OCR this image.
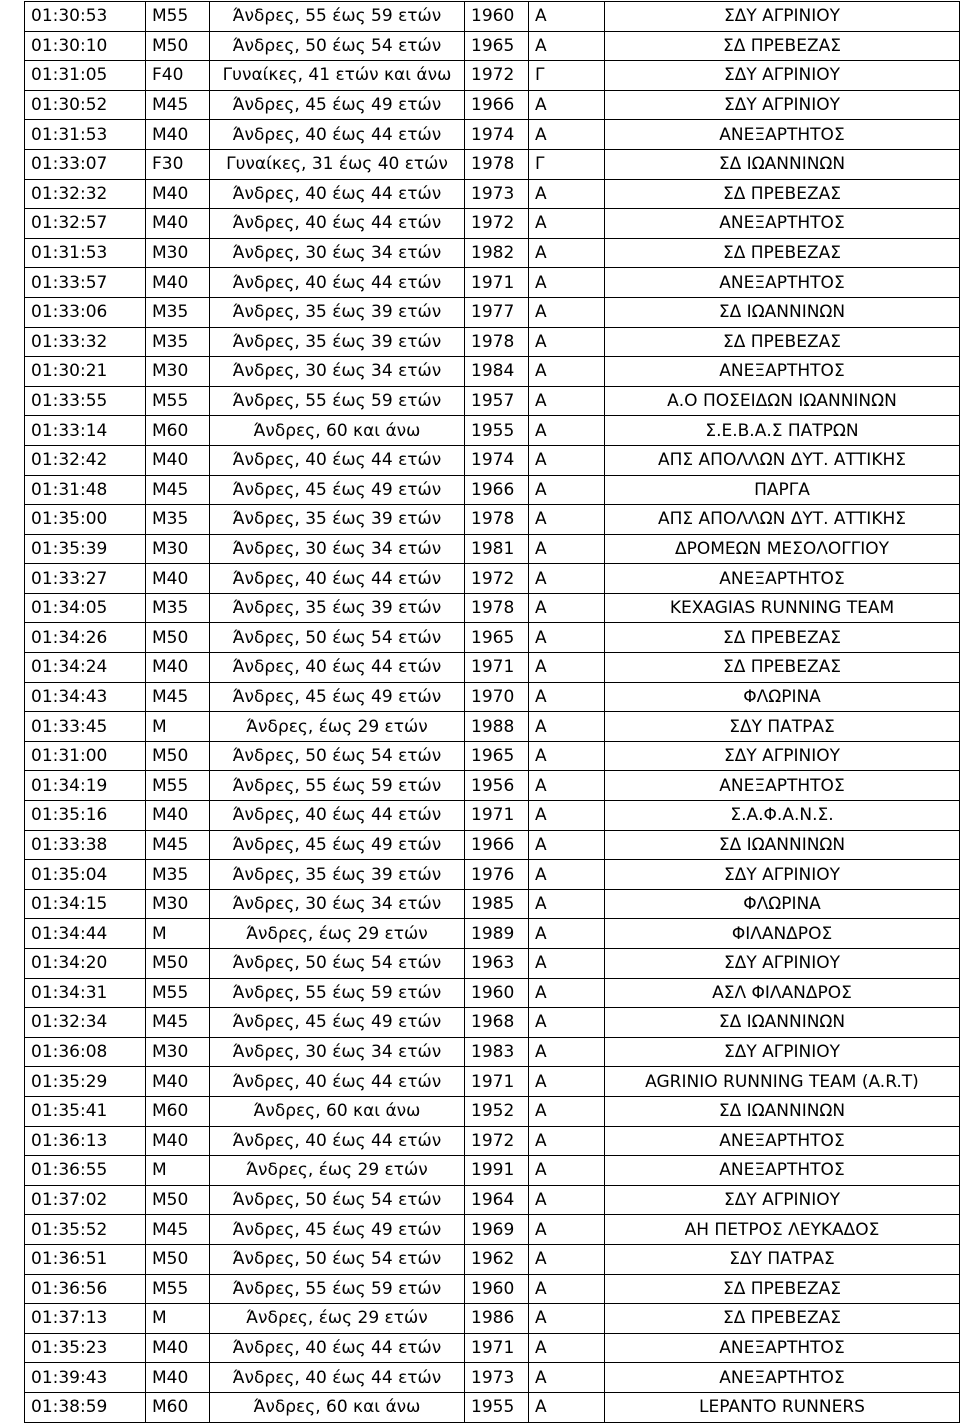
01:30:53	M55	Άνδρες, 55 έως 59 ετών	1960	Α	ΣΔΥ ΑΓΡΙΝΙΟΥ
01:30:10	M50	Άνδρες, 50 έως 54 ετών	1965	Α	ΣΔ ΠΡΕΒΕΖΑΣ
01:31:05	F40	Γυναίκες, 41 ετών και άνω	1972	Γ	ΣΔΥ ΑΓΡΙΝΙΟΥ
01:30:52	M45	Άνδρες, 45 έως 49 ετών	1966	Α	ΣΔΥ ΑΓΡΙΝΙΟΥ
01:31:53	M40	Άνδρες, 40 έως 44 ετών	1974	Α	ΑΝΕΞΑΡΤΗΤΟΣ
01:33:07	F30	Γυναίκες, 31 έως 40 ετών	1978	Γ	ΣΔ ΙΩΑΝΝΙΝΩΝ
01:32:32	M40	Άνδρες, 40 έως 44 ετών	1973	Α	ΣΔ ΠΡΕΒΕΖΑΣ
01:32:57	M40	Άνδρες, 40 έως 44 ετών	1972	Α	ΑΝΕΞΑΡΤΗΤΟΣ
01:31:53	M30	Άνδρες, 30 έως 34 ετών	1982	Α	ΣΔ ΠΡΕΒΕΖΑΣ
01:33:57	M40	Άνδρες, 40 έως 44 ετών	1971	Α	ΑΝΕΞΑΡΤΗΤΟΣ
01:33:06	M35	Άνδρες, 35 έως 39 ετών	1977	Α	ΣΔ ΙΩΑΝΝΙΝΩΝ
01:33:32	M35	Άνδρες, 35 έως 39 ετών	1978	Α	ΣΔ ΠΡΕΒΕΖΑΣ
01:30:21	M30	Άνδρες, 30 έως 34 ετών	1984	Α	ΑΝΕΞΑΡΤΗΤΟΣ
01:33:55	M55	Άνδρες, 55 έως 59 ετών	1957	Α	Α.Ο ΠΟΣΕΙΔΩΝ ΙΩΑΝΝΙΝΩΝ
01:33:14	M60	Άνδρες, 60 και άνω	1955	Α	Σ.Ε.Β.Α.Σ ΠΑΤΡΩΝ
01:32:42	M40	Άνδρες, 40 έως 44 ετών	1974	Α	ΑΠΣ ΑΠΟΛΛΩΝ ΔΥΤ. ΑΤΤΙΚΗΣ
01:31:48	M45	Άνδρες, 45 έως 49 ετών	1966	Α	ΠΑΡΓΑ
01:35:00	M35	Άνδρες, 35 έως 39 ετών	1978	Α	ΑΠΣ ΑΠΟΛΛΩΝ ΔΥΤ. ΑΤΤΙΚΗΣ
01:35:39	M30	Άνδρες, 30 έως 34 ετών	1981	Α	ΔΡΟΜΕΩΝ ΜΕΣΟΛΟΓΓΙΟΥ
01:33:27	M40	Άνδρες, 40 έως 44 ετών	1972	Α	ΑΝΕΞΑΡΤΗΤΟΣ
01:34:05	M35	Άνδρες, 35 έως 39 ετών	1978	Α	KEXAGIAS RUNNING TEAM
01:34:26	M50	Άνδρες, 50 έως 54 ετών	1965	Α	ΣΔ ΠΡΕΒΕΖΑΣ
01:34:24	M40	Άνδρες, 40 έως 44 ετών	1971	Α	ΣΔ ΠΡΕΒΕΖΑΣ
01:34:43	M45	Άνδρες, 45 έως 49 ετών	1970	Α	ΦΛΩΡΙΝΑ
01:33:45	M	Άνδρες, έως 29 ετών	1988	Α	ΣΔΥ ΠΑΤΡΑΣ
01:31:00	M50	Άνδρες, 50 έως 54 ετών	1965	Α	ΣΔΥ ΑΓΡΙΝΙΟΥ
01:34:19	M55	Άνδρες, 55 έως 59 ετών	1956	Α	ΑΝΕΞΑΡΤΗΤΟΣ
01:35:16	M40	Άνδρες, 40 έως 44 ετών	1971	Α	Σ.Α.Φ.Α.Ν.Σ.
01:33:38	M45	Άνδρες, 45 έως 49 ετών	1966	Α	ΣΔ ΙΩΑΝΝΙΝΩΝ
01:35:04	M35	Άνδρες, 35 έως 39 ετών	1976	Α	ΣΔΥ ΑΓΡΙΝΙΟΥ
01:34:15	M30	Άνδρες, 30 έως 34 ετών	1985	Α	ΦΛΩΡΙΝΑ
01:34:44	M	Άνδρες, έως 29 ετών	1989	Α	ΦΙΛΑΝΔΡΟΣ
01:34:20	M50	Άνδρες, 50 έως 54 ετών	1963	Α	ΣΔΥ ΑΓΡΙΝΙΟΥ
01:34:31	M55	Άνδρες, 55 έως 59 ετών	1960	Α	ΑΣΛ ΦΙΛΑΝΔΡΟΣ
01:32:34	M45	Άνδρες, 45 έως 49 ετών	1968	Α	ΣΔ ΙΩΑΝΝΙΝΩΝ
01:36:08	M30	Άνδρες, 30 έως 34 ετών	1983	Α	ΣΔΥ ΑΓΡΙΝΙΟΥ
01:35:29	M40	Άνδρες, 40 έως 44 ετών	1971	Α	AGRINIO RUNNING TEAM (A.R.T)
01:35:41	M60	Άνδρες, 60 και άνω	1952	Α	ΣΔ ΙΩΑΝΝΙΝΩΝ
01:36:13	M40	Άνδρες, 40 έως 44 ετών	1972	Α	ΑΝΕΞΑΡΤΗΤΟΣ
01:36:55	M	Άνδρες, έως 29 ετών	1991	Α	ΑΝΕΞΑΡΤΗΤΟΣ
01:37:02	M50	Άνδρες, 50 έως 54 ετών	1964	Α	ΣΔΥ ΑΓΡΙΝΙΟΥ
01:35:52	M45	Άνδρες, 45 έως 49 ετών	1969	Α	ΑΗ ΠΕΤΡΟΣ ΛΕΥΚΑΔΟΣ
01:36:51	M50	Άνδρες, 50 έως 54 ετών	1962	Α	ΣΔΥ ΠΑΤΡΑΣ
01:36:56	M55	Άνδρες, 55 έως 59 ετών	1960	Α	ΣΔ ΠΡΕΒΕΖΑΣ
01:37:13	M	Άνδρες, έως 29 ετών	1986	Α	ΣΔ ΠΡΕΒΕΖΑΣ
01:35:23	M40	Άνδρες, 40 έως 44 ετών	1971	Α	ΑΝΕΞΑΡΤΗΤΟΣ
01:39:43	M40	Άνδρες, 40 έως 44 ετών	1973	Α	ΑΝΕΞΑΡΤΗΤΟΣ
01:38:59	M60	Άνδρες, 60 και άνω	1955	Α	LEPANTO RUNNERS
